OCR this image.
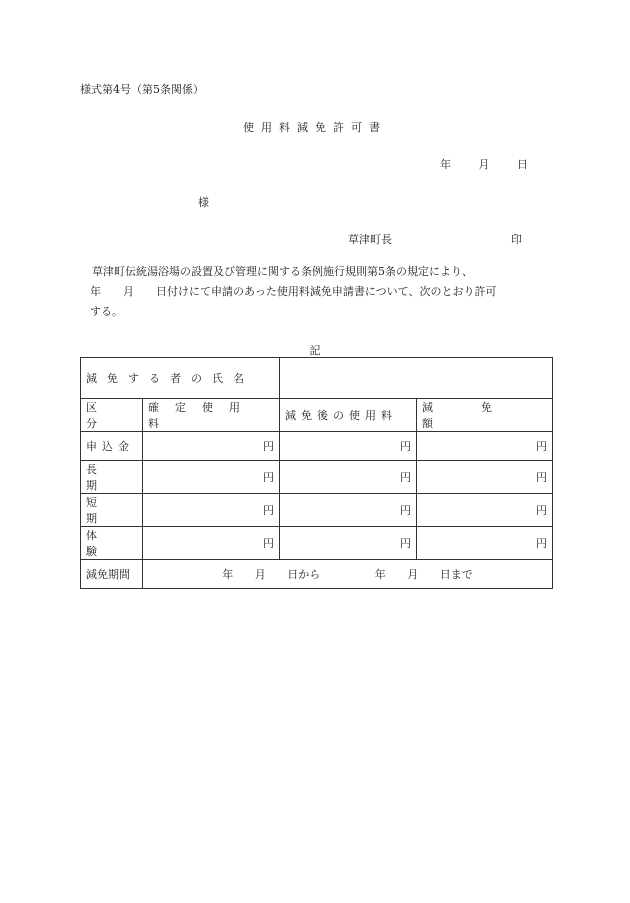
様式第4号（第5条関係）
使用料減免許可書
年	月	日
様
草津町長	印

草津町伝統湯浴場の設置及び管理に関する条例施行規則第5条の規定により、

年 月 日付けにて申請のあった使用料減免申請書について、次のとおり許可

する。

記
減免する者の氏名			
区分	確定使用料	減免後の使用料	減免額
申込金	円	円	円
長期	円	円	円
短期	円	円	円
体験	円	円	円
減免期間	年 月 日から　　　 年 月 日まで		
